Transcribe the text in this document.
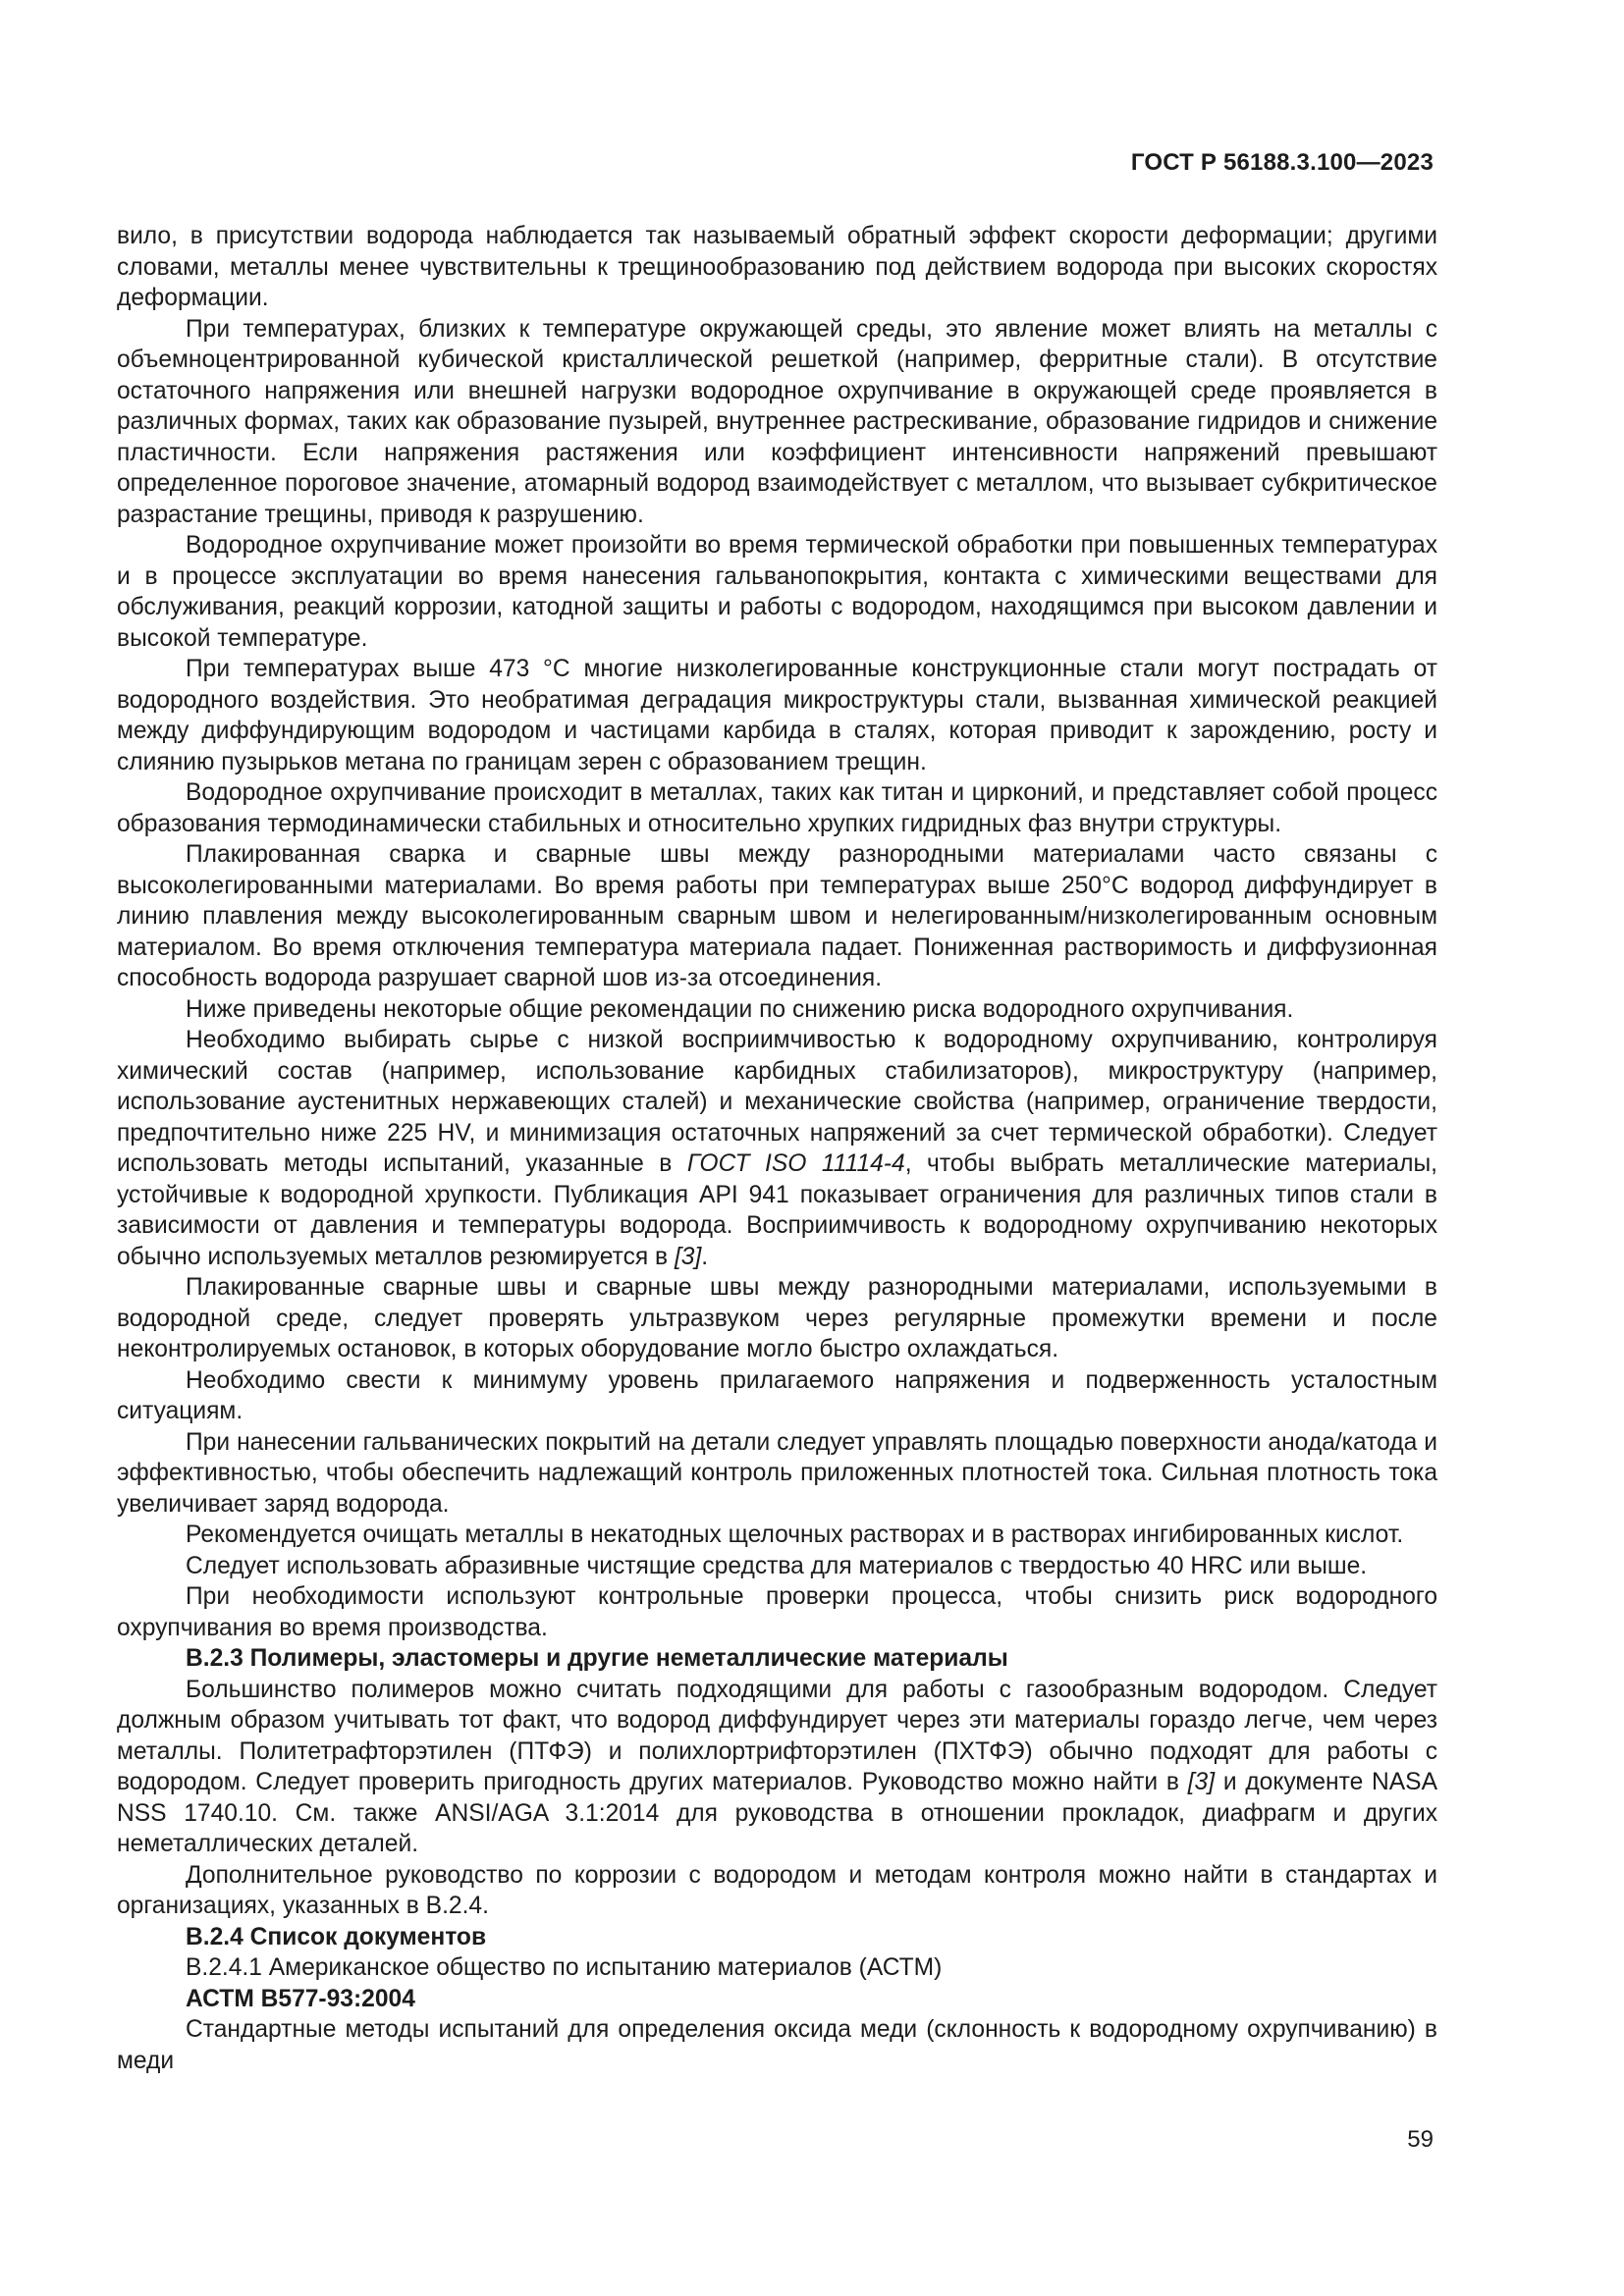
ГОСТ Р 56188.3.100—2023

вило, в присутствии водорода наблюдается так называемый обратный эффект скорости деформации; другими словами, металлы менее чувствительны к трещинообразованию под действием водорода при высоких скоростях деформации.

При температурах, близких к температуре окружающей среды, это явление может влиять на металлы с объемноцентрированной кубической кристаллической решеткой (например, ферритные стали). В отсутствие остаточного напряжения или внешней нагрузки водородное охрупчивание в окружающей среде проявляется в различных формах, таких как образование пузырей, внутреннее растрескивание, образование гидридов и снижение пластичности. Если напряжения растяжения или коэффициент интенсивности напряжений превышают определенное пороговое значение, атомарный водород взаимодействует с металлом, что вызывает субкритическое разрастание трещины, приводя к разрушению.

Водородное охрупчивание может произойти во время термической обработки при повышенных температурах и в процессе эксплуатации во время нанесения гальванопокрытия, контакта с химическими веществами для обслуживания, реакций коррозии, катодной защиты и работы с водородом, находящимся при высоком давлении и высокой температуре.

При температурах выше 473 °С многие низколегированные конструкционные стали могут пострадать от водородного воздействия. Это необратимая деградация микроструктуры стали, вызванная химической реакцией между диффундирующим водородом и частицами карбида в сталях, которая приводит к зарождению, росту и слиянию пузырьков метана по границам зерен с образованием трещин.

Водородное охрупчивание происходит в металлах, таких как титан и цирконий, и представляет собой процесс образования термодинамически стабильных и относительно хрупких гидридных фаз внутри структуры.

Плакированная сварка и сварные швы между разнородными материалами часто связаны с высоколегированными материалами. Во время работы при температурах выше 250°С водород диффундирует в линию плавления между высоколегированным сварным швом и нелегированным/низколегированным основным материалом. Во время отключения температура материала падает. Пониженная растворимость и диффузионная способность водорода разрушает сварной шов из-за отсоединения.

Ниже приведены некоторые общие рекомендации по снижению риска водородного охрупчивания.

Необходимо выбирать сырье с низкой восприимчивостью к водородному охрупчиванию, контролируя химический состав (например, использование карбидных стабилизаторов), микроструктуру (например, использование аустенитных нержавеющих сталей) и механические свойства (например, ограничение твердости, предпочтительно ниже 225 HV, и минимизация остаточных напряжений за счет термической обработки). Следует использовать методы испытаний, указанные в ГОСТ ISO 11114-4, чтобы выбрать металлические материалы, устойчивые к водородной хрупкости. Публикация API 941 показывает ограничения для различных типов стали в зависимости от давления и температуры водорода. Восприимчивость к водородному охрупчиванию некоторых обычно используемых металлов резюмируется в [3].

Плакированные сварные швы и сварные швы между разнородными материалами, используемыми в водородной среде, следует проверять ультразвуком через регулярные промежутки времени и после неконтролируемых остановок, в которых оборудование могло быстро охлаждаться.

Необходимо свести к минимуму уровень прилагаемого напряжения и подверженность усталостным ситуациям.

При нанесении гальванических покрытий на детали следует управлять площадью поверхности анода/катода и эффективностью, чтобы обеспечить надлежащий контроль приложенных плотностей тока. Сильная плотность тока увеличивает заряд водорода.

Рекомендуется очищать металлы в некатодных щелочных растворах и в растворах ингибированных кислот.

Следует использовать абразивные чистящие средства для материалов с твердостью 40 HRC или выше.

При необходимости используют контрольные проверки процесса, чтобы снизить риск водородного охрупчивания во время производства.

В.2.3 Полимеры, эластомеры и другие неметаллические материалы

Большинство полимеров можно считать подходящими для работы с газообразным водородом. Следует должным образом учитывать тот факт, что водород диффундирует через эти материалы гораздо легче, чем через металлы. Политетрафторэтилен (ПТФЭ) и полихлортрифторэтилен (ПХТФЭ) обычно подходят для работы с водородом. Следует проверить пригодность других материалов. Руководство можно найти в [3] и документе NASA NSS 1740.10. См. также ANSI/AGA 3.1:2014 для руководства в отношении прокладок, диафрагм и других неметаллических деталей.

Дополнительное руководство по коррозии с водородом и методам контроля можно найти в стандартах и организациях, указанных в В.2.4.

В.2.4 Список документов

В.2.4.1 Американское общество по испытанию материалов (АСТМ)

АСТМ В577-93:2004

Стандартные методы испытаний для определения оксида меди (склонность к водородному охрупчиванию) в меди

59
